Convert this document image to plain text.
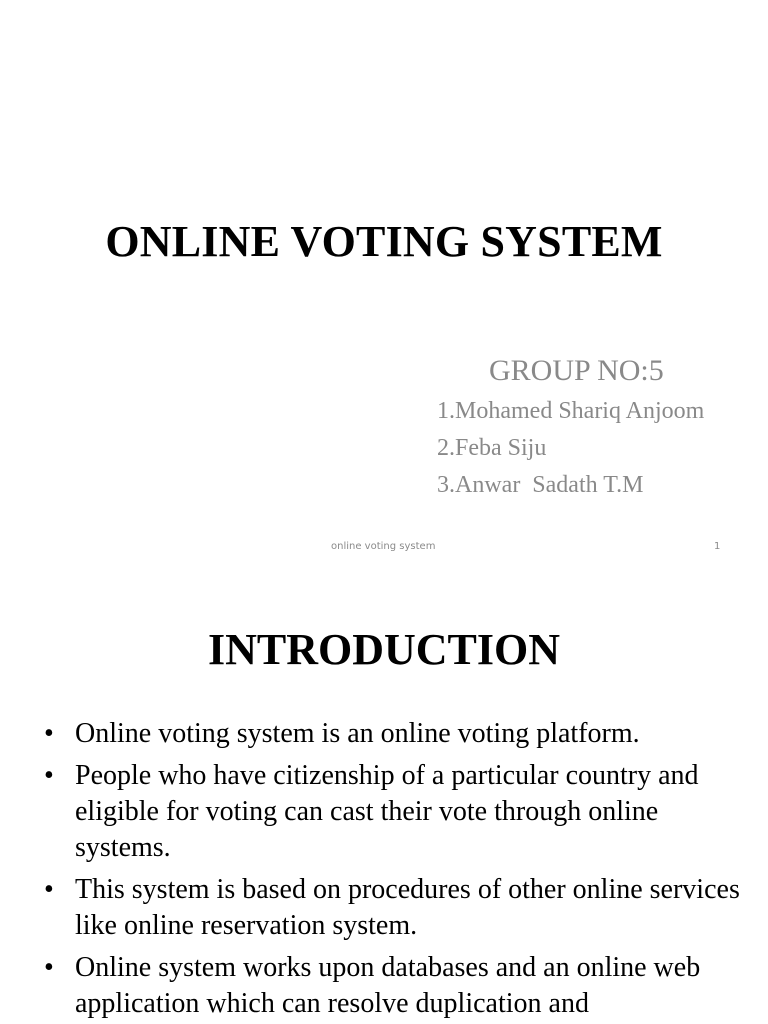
ONLINE VOTING SYSTEM
GROUP NO:5
1.Mohamed Shariq Anjoom
2.Feba Siju
3.Anwar  Sadath T.M
online voting system	1
INTRODUCTION
• Online voting system is an online voting platform.
• People who have citizenship of a particular country and eligible for voting can cast their vote through online systems.
• This system is based on procedures of other online services like online reservation system.
• Online system works upon databases and an online web application which can resolve duplication and
